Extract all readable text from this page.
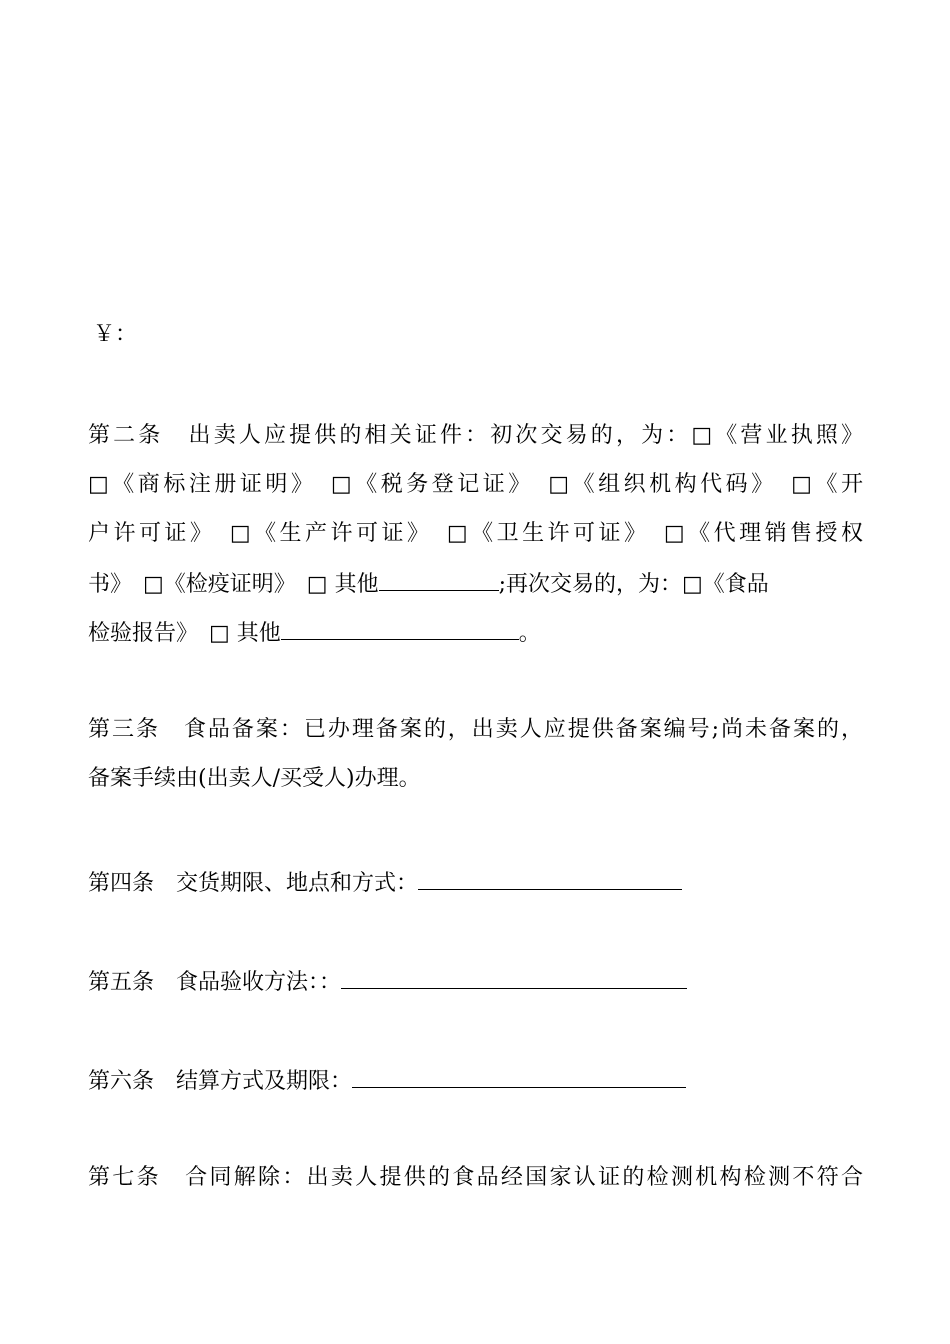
￥：
第二条　出卖人应提供的相关证件：初次交易的，为：□《营业执照》
□《商标注册证明》　□《税务登记证》　□《组织机构代码》　□《开
户许可证》　□《生产许可证》　□《卫生许可证》　□《代理销售授权
书》　□《检疫证明》　□ 其他	;再次交易的，为：□《食品
检验报告》　□ 其他	。
第三条　食品备案：已办理备案的，出卖人应提供备案编号;尚未备案的，
备案手续由(出卖人/买受人)办理。
第四条　交货期限、地点和方式：
第五条　食品验收方法：：
第六条　结算方式及期限：
第七条　合同解除：出卖人提供的食品经国家认证的检测机构检测不符合
